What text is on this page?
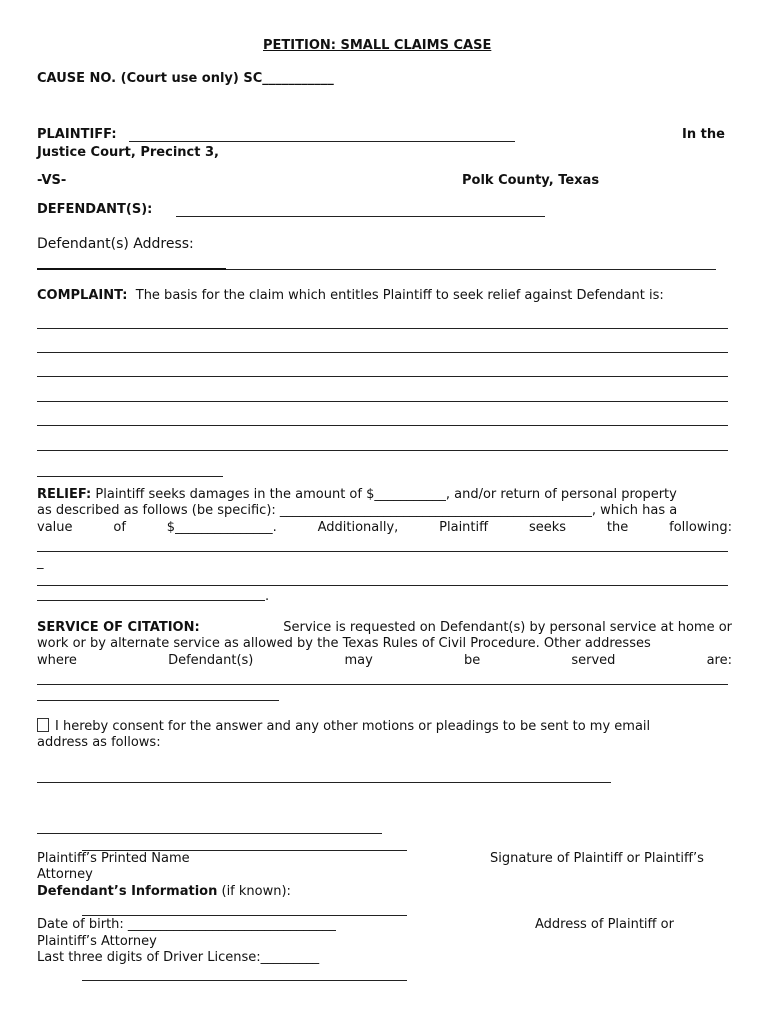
PETITION: SMALL CLAIMS CASE
CAUSE NO. (Court use only) SC___________
PLAINTIFF:	In the
Justice Court, Precinct 3,
-VS-	Polk County, Texas
DEFENDANT(S):
Defendant(s) Address:
COMPLAINT: The basis for the claim which entitles Plaintiff to seek relief against Defendant is:
RELIEF: Plaintiff seeks damages in the amount of $___________, and/or return of personal property
as described as follows (be specific): ________________________________________________, which has a
value	of	$_______________.	Additionally,	Plaintiff	seeks	the	following:
_
.
SERVICE OF CITATION:	Service is requested on Defendant(s) by personal service at home or
work or by alternate service as allowed by the Texas Rules of Civil Procedure. Other addresses
where	Defendant(s)	may	be	served	are:
I hereby consent for the answer and any other motions or pleadings to be sent to my email
address as follows:
Plaintiff’s Printed Name	Signature of Plaintiff or Plaintiff’s
Attorney
Defendant’s Information (if known):
Date of birth: ________________________________	Address of Plaintiff or
Plaintiff’s Attorney
Last three digits of Driver License:_________
